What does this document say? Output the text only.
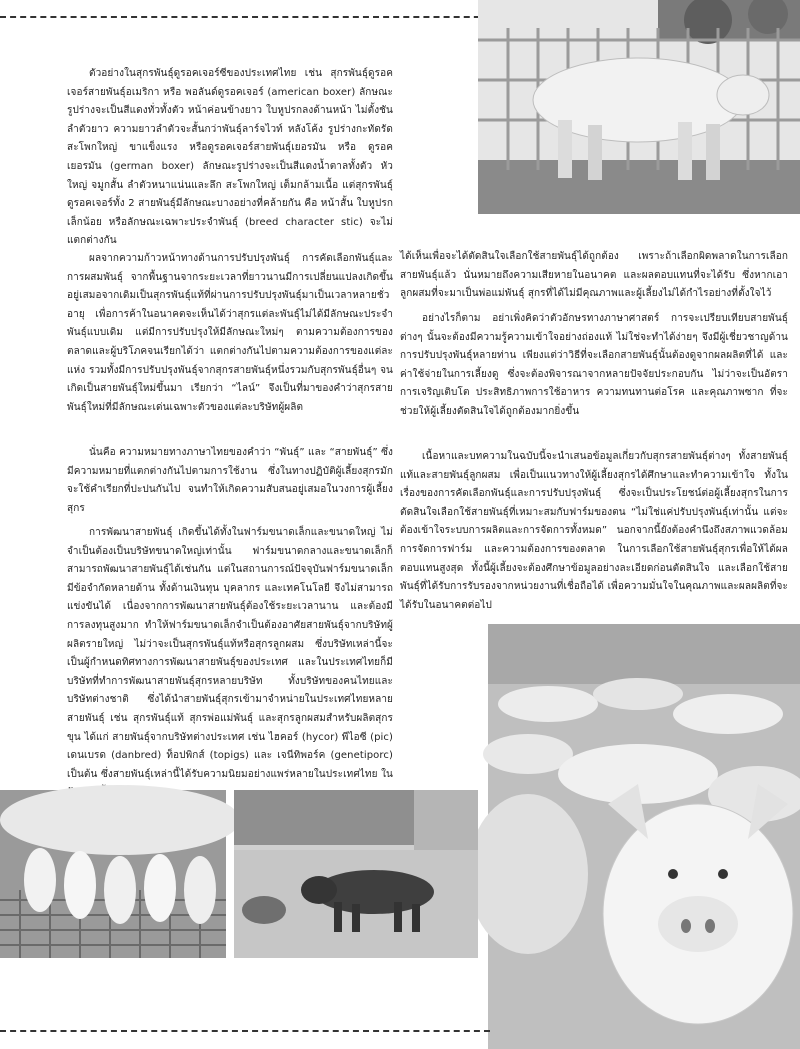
ตัวอย่างในสุกรพันธุ์ดูรอคเจอร์ซีของประเทศไทย เช่น สุกรพันธุ์ดูรอคเจอร์สายพันธุ์อเมริกา หรือ พอลันด์ดูรอคเจอร์ (american boxer) ลักษณะรูปร่างจะเป็นสีแดงทั่วทั้งตัว หน้าค่อนข้างยาว ใบหูปรกลงด้านหน้า ไม่ตั้งชัน ลำตัวยาว ความยาวลำตัวจะสั้นกว่าพันธุ์ลาร์จไวท์ หลังโค้ง รูปร่างกะทัดรัด สะโพกใหญ่ ขาแข็งแรง หรือดูรอคเจอร์สายพันธุ์เยอรมัน หรือ ดูรอคเยอรมัน (german boxer) ลักษณะรูปร่างจะเป็นสีแดงน้ำตาลทั้งตัว หัวใหญ่ จมูกสั้น ลำตัวหนาแน่นและลึก สะโพกใหญ่ เต็มกล้ามเนื้อ แต่สุกรพันธุ์ดูรอคเจอร์ทั้ง 2 สายพันธุ์มีลักษณะบางอย่างที่คล้ายกัน คือ หน้าสั้น ใบหูปรกเล็กน้อย หรือลักษณะเฉพาะประจำพันธุ์ (breed character stic) จะไม่แตกต่างกัน

ผลจากความก้าวหน้าทางด้านการปรับปรุงพันธุ์ การคัดเลือกพันธุ์และการผสมพันธุ์ จากพื้นฐานจากระยะเวลาที่ยาวนานมีการเปลี่ยนแปลงเกิดขึ้นอยู่เสมอจากเดิมเป็นสุกรพันธุ์แท้ที่ผ่านการปรับปรุงพันธุ์มาเป็นเวลาหลายชั่วอายุ เพื่อการค้าในอนาคตจะเห็นได้ว่าสุกรแต่ละพันธุ์ไม่ได้มีลักษณะประจำพันธุ์แบบเดิม แต่มีการปรับปรุงให้มีลักษณะใหม่ๆ ตามความต้องการของตลาดและผู้บริโภคจนเรียกได้ว่า แตกต่างกันไปตามความต้องการของแต่ละแห่ง รวมทั้งมีการปรับปรุงพันธุ์จากสุกรสายพันธุ์หนึ่งรวมกับสุกรพันธุ์อื่นๆ จนเกิดเป็นสายพันธุ์ใหม่ขึ้นมา เรียกว่า “ไลน์” จึงเป็นที่มาของคำว่าสุกรสายพันธุ์ใหม่ที่มีลักษณะเด่นเฉพาะตัวของแต่ละบริษัทผู้ผลิต

นั่นคือ ความหมายทางภาษาไทยของคำว่า “พันธุ์” และ “สายพันธุ์” ซึ่งมีความหมายที่แตกต่างกันไปตามการใช้งาน ซึ่งในทางปฏิบัติผู้เลี้ยงสุกรมักจะใช้คำเรียกที่ปะปนกันไป จนทำให้เกิดความสับสนอยู่เสมอในวงการผู้เลี้ยงสุกร

การพัฒนาสายพันธุ์ เกิดขึ้นได้ทั้งในฟาร์มขนาดเล็กและขนาดใหญ่ ไม่จำเป็นต้องเป็นบริษัทขนาดใหญ่เท่านั้น ฟาร์มขนาดกลางและขนาดเล็กก็สามารถพัฒนาสายพันธุ์ได้เช่นกัน แต่ในสถานการณ์ปัจจุบันฟาร์มขนาดเล็กมีข้อจำกัดหลายด้าน ทั้งด้านเงินทุน บุคลากร และเทคโนโลยี จึงไม่สามารถแข่งขันได้ เนื่องจากการพัฒนาสายพันธุ์ต้องใช้ระยะเวลานาน และต้องมีการลงทุนสูงมาก ทำให้ฟาร์มขนาดเล็กจำเป็นต้องอาศัยสายพันธุ์จากบริษัทผู้ผลิตรายใหญ่ ไม่ว่าจะเป็นสุกรพันธุ์แท้หรือสุกรลูกผสม ซึ่งบริษัทเหล่านี้จะเป็นผู้กำหนดทิศทางการพัฒนาสายพันธุ์ของประเทศ และในประเทศไทยก็มีบริษัทที่ทำการพัฒนาสายพันธุ์สุกรหลายบริษัท ทั้งบริษัทของคนไทยและบริษัทต่างชาติ ซึ่งได้นำสายพันธุ์สุกรเข้ามาจำหน่ายในประเทศไทยหลายสายพันธุ์ เช่น สุกรพันธุ์แท้ สุกรพ่อแม่พันธุ์ และสุกรลูกผสมสำหรับผลิตสุกรขุน ได้แก่ สายพันธุ์จากบริษัทต่างประเทศ เช่น ไฮคอร์ (hycor) พีไอซี (pic) เดนเบรด (danbred) ท็อปพิกส์ (topigs) และ เจนีทิพอร์ค (genetiporc) เป็นต้น ซึ่งสายพันธุ์เหล่านี้ได้รับความนิยมอย่างแพร่หลายในประเทศไทย ใน

ได้เห็นเพื่อจะได้ตัดสินใจเลือกใช้สายพันธุ์ได้ถูกต้อง เพราะถ้าเลือกผิดพลาดในการเลือกสายพันธุ์แล้ว นั่นหมายถึงความเสียหายในอนาคต และผลตอบแทนที่จะได้รับ ซึ่งหากเอาลูกผสมที่จะมาเป็นพ่อแม่พันธุ์ สุกรที่ได้ไม่มีคุณภาพและผู้เลี้ยงไม่ได้กำไรอย่างที่ตั้งใจไว้

อย่างไรก็ตาม อย่าเพิ่งคิดว่าตัวอักษรทางภาษาศาสตร์ การจะเปรียบเทียบสายพันธุ์ต่างๆ นั้นจะต้องมีความรู้ความเข้าใจอย่างถ่องแท้ ไม่ใช่จะทำได้ง่ายๆ จึงมีผู้เชี่ยวชาญด้านการปรับปรุงพันธุ์หลายท่าน เพียงแต่ว่าวิธีที่จะเลือกสายพันธุ์นั้นต้องดูจากผลผลิตที่ได้ และค่าใช้จ่ายในการเลี้ยงดู ซึ่งจะต้องพิจารณาจากหลายปัจจัยประกอบกัน ไม่ว่าจะเป็นอัตราการเจริญเติบโต ประสิทธิภาพการใช้อาหาร ความทนทานต่อโรค และคุณภาพซาก ที่จะช่วยให้ผู้เลี้ยงตัดสินใจได้ถูกต้องมากยิ่งขึ้น

เนื้อหาและบทความในฉบับนี้จะนำเสนอข้อมูลเกี่ยวกับสุกรสายพันธุ์ต่างๆ ทั้งสายพันธุ์แท้และสายพันธุ์ลูกผสม เพื่อเป็นแนวทางให้ผู้เลี้ยงสุกรได้ศึกษาและทำความเข้าใจ ทั้งในเรื่องของการคัดเลือกพันธุ์และการปรับปรุงพันธุ์ ซึ่งจะเป็นประโยชน์ต่อผู้เลี้ยงสุกรในการตัดสินใจเลือกใช้สายพันธุ์ที่เหมาะสมกับฟาร์มของตน “ไม่ใช่แค่ปรับปรุงพันธุ์เท่านั้น แต่จะต้องเข้าใจระบบการผลิตและการจัดการทั้งหมด” นอกจากนี้ยังต้องคำนึงถึงสภาพแวดล้อม การจัดการฟาร์ม และความต้องการของตลาด ในการเลือกใช้สายพันธุ์สุกรเพื่อให้ได้ผลตอบแทนสูงสุด ทั้งนี้ผู้เลี้ยงจะต้องศึกษาข้อมูลอย่างละเอียดก่อนตัดสินใจ และเลือกใช้สายพันธุ์ที่ได้รับการรับรองจากหน่วยงานที่เชื่อถือได้ เพื่อความมั่นใจในคุณภาพและผลผลิตที่จะได้รับในอนาคตต่อไป
